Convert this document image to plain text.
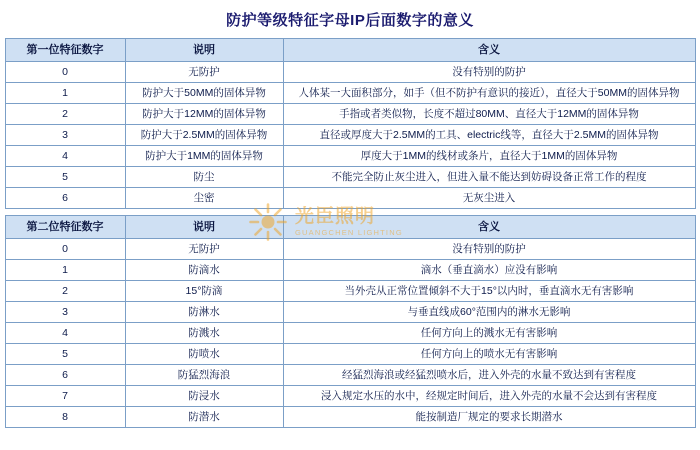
防护等级特征字母IP后面数字的意义
第一位特征数字	说明	含义
0	无防护	没有特别的防护
1	防护大于50MM的固体异物	人体某一大面积部分，如手（但不防护有意识的接近），直径大于50MM的固体异物
2	防护大于12MM的固体异物	手指或者类似物，长度不超过80MM、直径大于12MM的固体异物
3	防护大于2.5MM的固体异物	直径或厚度大于2.5MM的工具、electric线等，直径大于2.5MM的固体异物
4	防护大于1MM的固体异物	厚度大于1MM的线材或条片，直径大于1MM的固体异物
5	防尘	不能完全防止灰尘进入，但进入量不能达到妨碍设备正常工作的程度
6	尘密	无灰尘进入
第二位特征数字	说明	含义
0	无防护	没有特别的防护
1	防滴水	滴水（垂直滴水）应没有影响
2	15°防滴	当外壳从正常位置倾斜不大于15°以内时，垂直滴水无有害影响
3	防淋水	与垂直线成60°范围内的淋水无影响
4	防溅水	任何方向上的溅水无有害影响
5	防喷水	任何方向上的喷水无有害影响
6	防猛烈海浪	经猛烈海浪或经猛烈喷水后，进入外壳的水量不致达到有害程度
7	防浸水	浸入规定水压的水中，经规定时间后，进入外壳的水量不会达到有害程度
8	防潜水	能按制造厂规定的要求长期潜水
光臣照明
GUANGCHEN LIGHTING
